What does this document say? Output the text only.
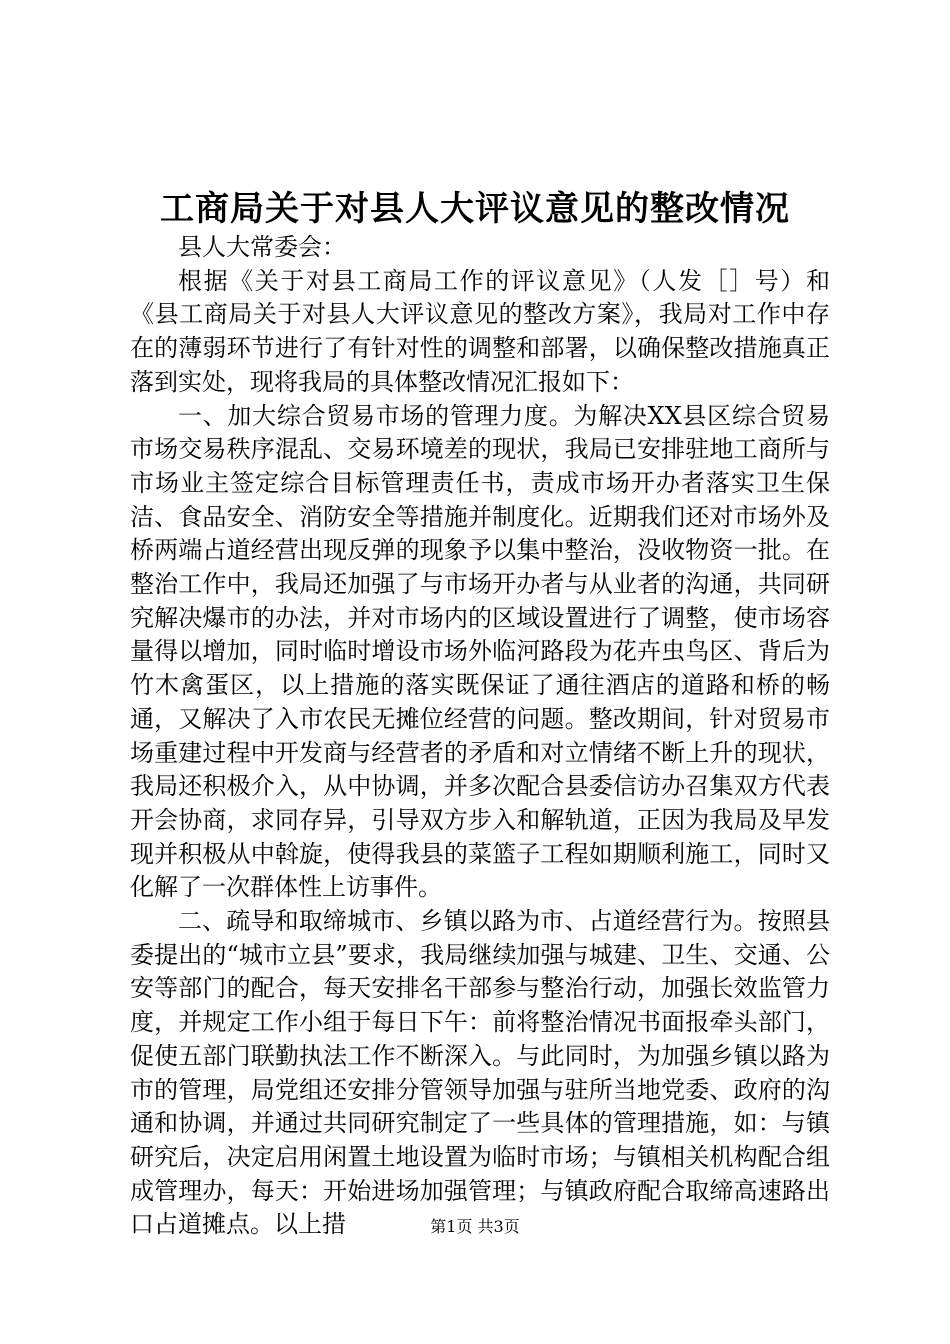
工商局关于对县人大评议意见的整改情况

县人大常委会：

根据《关于对县工商局工作的评议意见》（人发［］号）和《县工商局关于对县人大评议意见的整改方案》，我局对工作中存在的薄弱环节进行了有针对性的调整和部署，以确保整改措施真正落到实处，现将我局的具体整改情况汇报如下：

一、加大综合贸易市场的管理力度。为解决XX县区综合贸易市场交易秩序混乱、交易环境差的现状，我局已安排驻地工商所与市场业主签定综合目标管理责任书，责成市场开办者落实卫生保洁、食品安全、消防安全等措施并制度化。近期我们还对市场外及桥两端占道经营出现反弹的现象予以集中整治，没收物资一批。在整治工作中，我局还加强了与市场开办者与从业者的沟通，共同研究解决爆市的办法，并对市场内的区域设置进行了调整，使市场容量得以增加，同时临时增设市场外临河路段为花卉虫鸟区、背后为竹木禽蛋区，以上措施的落实既保证了通往酒店的道路和桥的畅通，又解决了入市农民无摊位经营的问题。整改期间，针对贸易市场重建过程中开发商与经营者的矛盾和对立情绪不断上升的现状，我局还积极介入，从中协调，并多次配合县委信访办召集双方代表开会协商，求同存异，引导双方步入和解轨道，正因为我局及早发现并积极从中斡旋，使得我县的菜篮子工程如期顺利施工，同时又化解了一次群体性上访事件。

二、疏导和取缔城市、乡镇以路为市、占道经营行为。按照县委提出的“城市立县”要求，我局继续加强与城建、卫生、交通、公安等部门的配合，每天安排名干部参与整治行动，加强长效监管力度，并规定工作小组于每日下午：前将整治情况书面报牵头部门，促使五部门联勤执法工作不断深入。与此同时，为加强乡镇以路为市的管理，局党组还安排分管领导加强与驻所当地党委、政府的沟通和协调，并通过共同研究制定了一些具体的管理措施，如：与镇研究后，决定启用闲置土地设置为临时市场；与镇相关机构配合组成管理办，每天：开始进场加强管理；与镇政府配合取缔高速路出口占道摊点。以上措	第1页 共3页
